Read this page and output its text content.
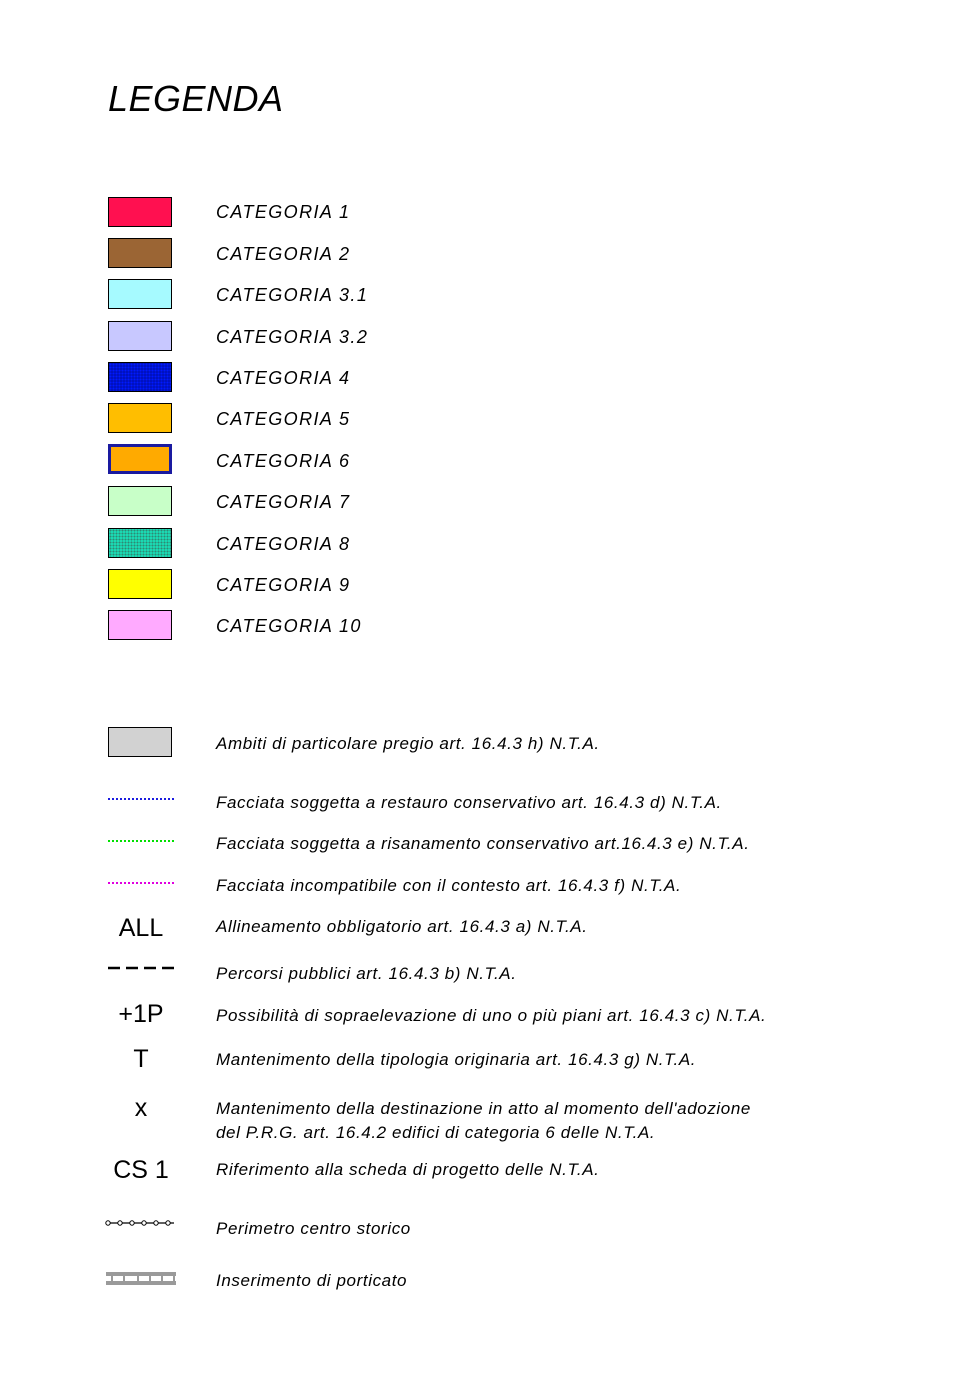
LEGENDA
CATEGORIA 1
CATEGORIA 2
CATEGORIA 3.1
CATEGORIA 3.2
CATEGORIA 4
CATEGORIA 5
CATEGORIA 6
CATEGORIA 7
CATEGORIA 8
CATEGORIA 9
CATEGORIA 10
Ambiti di particolare pregio art. 16.4.3 h) N.T.A.
Facciata soggetta a restauro conservativo art. 16.4.3 d) N.T.A.
Facciata soggetta a risanamento conservativo art.16.4.3 e) N.T.A.
Facciata incompatibile con il contesto art. 16.4.3 f) N.T.A.
ALL	Allineamento obbligatorio art. 16.4.3 a) N.T.A.
Percorsi pubblici art. 16.4.3 b) N.T.A.
+1P	Possibilità di sopraelevazione di uno o più piani art. 16.4.3 c) N.T.A.
T	Mantenimento della tipologia originaria art. 16.4.3 g) N.T.A.
x	Mantenimento della destinazione in atto al momento dell'adozione
del P.R.G. art. 16.4.2 edifici di categoria 6 delle N.T.A.
CS 1	Riferimento alla scheda di progetto delle N.T.A.
Perimetro centro storico
Inserimento di porticato
